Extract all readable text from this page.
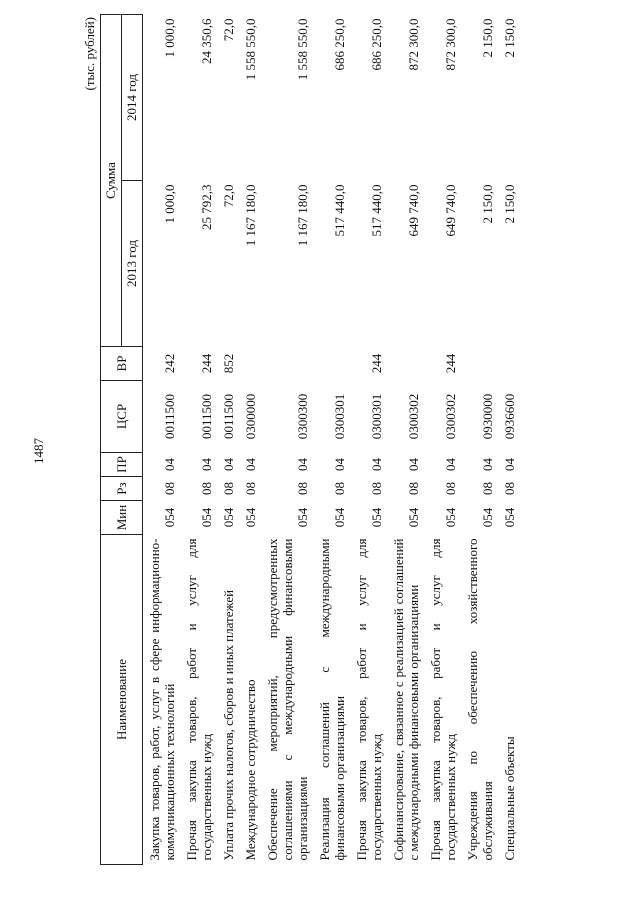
1487
(тыс. рублей)
Наименование	Мин	Рз	ПР	ЦСР	ВР	Сумма	
						2013 год	2014 год
Закупка товаров, работ, услуг в сфере информационно-коммуникационных технологий	054	08	04	0011500	242	1 000,0	1 000,0
Прочая закупка товаров, работ и услуг для государственных нужд	054	08	04	0011500	244	25 792,3	24 350,6
Уплата прочих налогов, сборов и иных платежей	054	08	04	0011500	852	72,0	72,0
Международное сотрудничество	054	08	04	0300000		1 167 180,0	1 558 550,0
Обеспечение мероприятий, предусмотренных соглашениями с международными финансовыми организациями	054	08	04	0300300		1 167 180,0	1 558 550,0
Реализация соглашений с международными финансовыми организациями	054	08	04	0300301		517 440,0	686 250,0
Прочая закупка товаров, работ и услуг для государственных нужд	054	08	04	0300301	244	517 440,0	686 250,0
Софинансирование, связанное с реализацией соглашений с международными финансовыми организациями	054	08	04	0300302		649 740,0	872 300,0
Прочая закупка товаров, работ и услуг для государственных нужд	054	08	04	0300302	244	649 740,0	872 300,0
Учреждения по обеспечению хозяйственного обслуживания	054	08	04	0930000		2 150,0	2 150,0
Специальные объекты	054	08	04	0936600		2 150,0	2 150,0
